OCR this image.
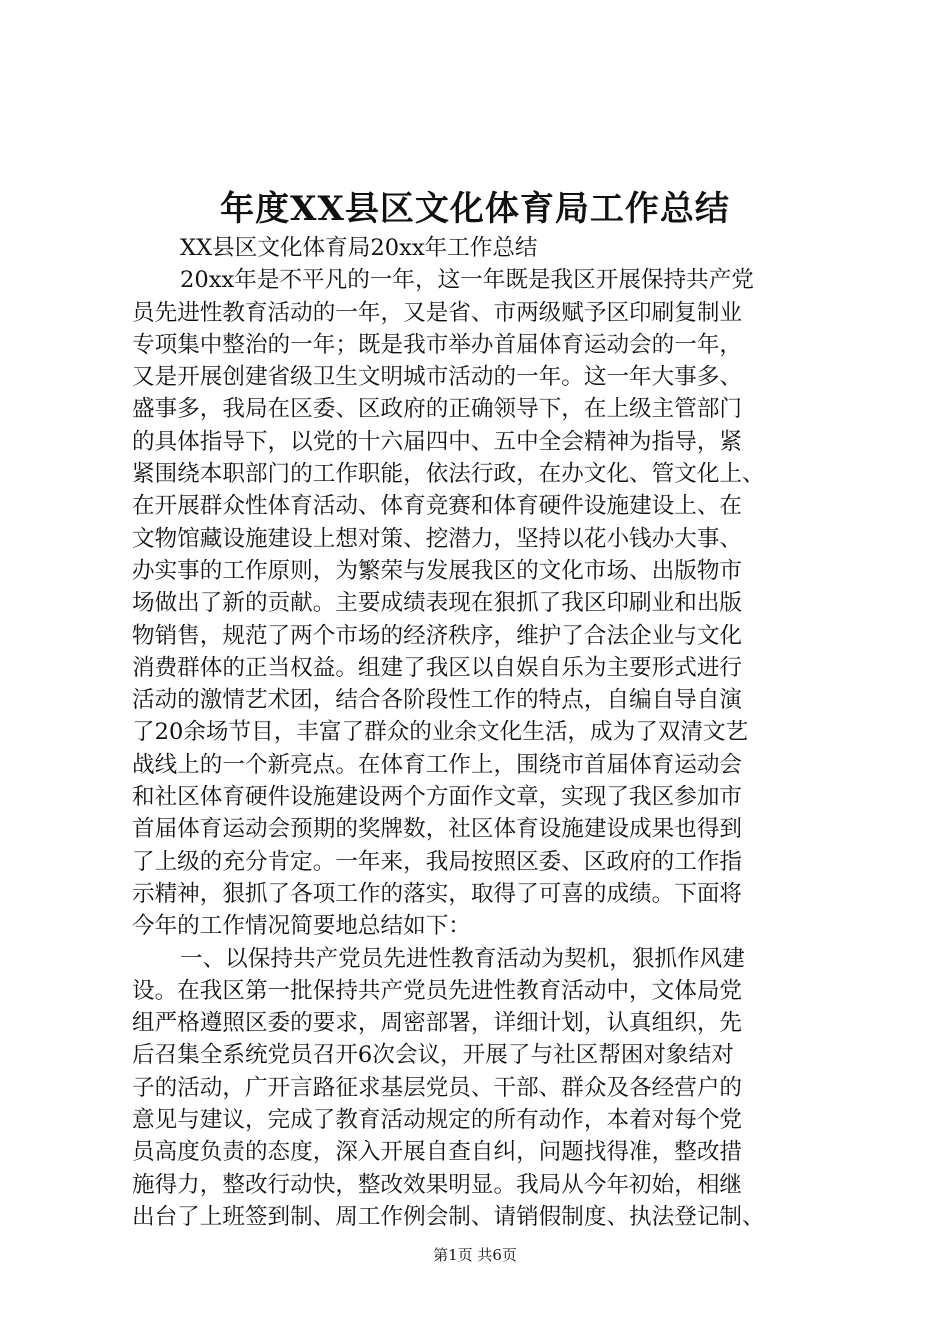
年度XX县区文化体育局工作总结
XX县区文化体育局20xx年工作总结
20xx年是不平凡的一年，这一年既是我区开展保持共产党
员先进性教育活动的一年，又是省、市两级赋予区印刷复制业
专项集中整治的一年；既是我市举办首届体育运动会的一年，
又是开展创建省级卫生文明城市活动的一年。这一年大事多、
盛事多，我局在区委、区政府的正确领导下，在上级主管部门
的具体指导下，以党的十六届四中、五中全会精神为指导，紧
紧围绕本职部门的工作职能，依法行政，在办文化、管文化上、
在开展群众性体育活动、体育竞赛和体育硬件设施建设上、在
文物馆藏设施建设上想对策、挖潜力，坚持以花小钱办大事、
办实事的工作原则，为繁荣与发展我区的文化市场、出版物市
场做出了新的贡献。主要成绩表现在狠抓了我区印刷业和出版
物销售，规范了两个市场的经济秩序，维护了合法企业与文化
消费群体的正当权益。组建了我区以自娱自乐为主要形式进行
活动的激情艺术团，结合各阶段性工作的特点，自编自导自演
了20余场节目，丰富了群众的业余文化生活，成为了双清文艺
战线上的一个新亮点。在体育工作上，围绕市首届体育运动会
和社区体育硬件设施建设两个方面作文章，实现了我区参加市
首届体育运动会预期的奖牌数，社区体育设施建设成果也得到
了上级的充分肯定。一年来，我局按照区委、区政府的工作指
示精神，狠抓了各项工作的落实，取得了可喜的成绩。下面将
今年的工作情况简要地总结如下：
一、以保持共产党员先进性教育活动为契机，狠抓作风建
设。在我区第一批保持共产党员先进性教育活动中，文体局党
组严格遵照区委的要求，周密部署，详细计划，认真组织，先
后召集全系统党员召开6次会议，开展了与社区帮困对象结对
子的活动，广开言路征求基层党员、干部、群众及各经营户的
意见与建议，完成了教育活动规定的所有动作，本着对每个党
员高度负责的态度，深入开展自查自纠，问题找得准，整改措
施得力，整改行动快，整改效果明显。我局从今年初始，相继
出台了上班签到制、周工作例会制、请销假制度、执法登记制、
第1页 共6页
